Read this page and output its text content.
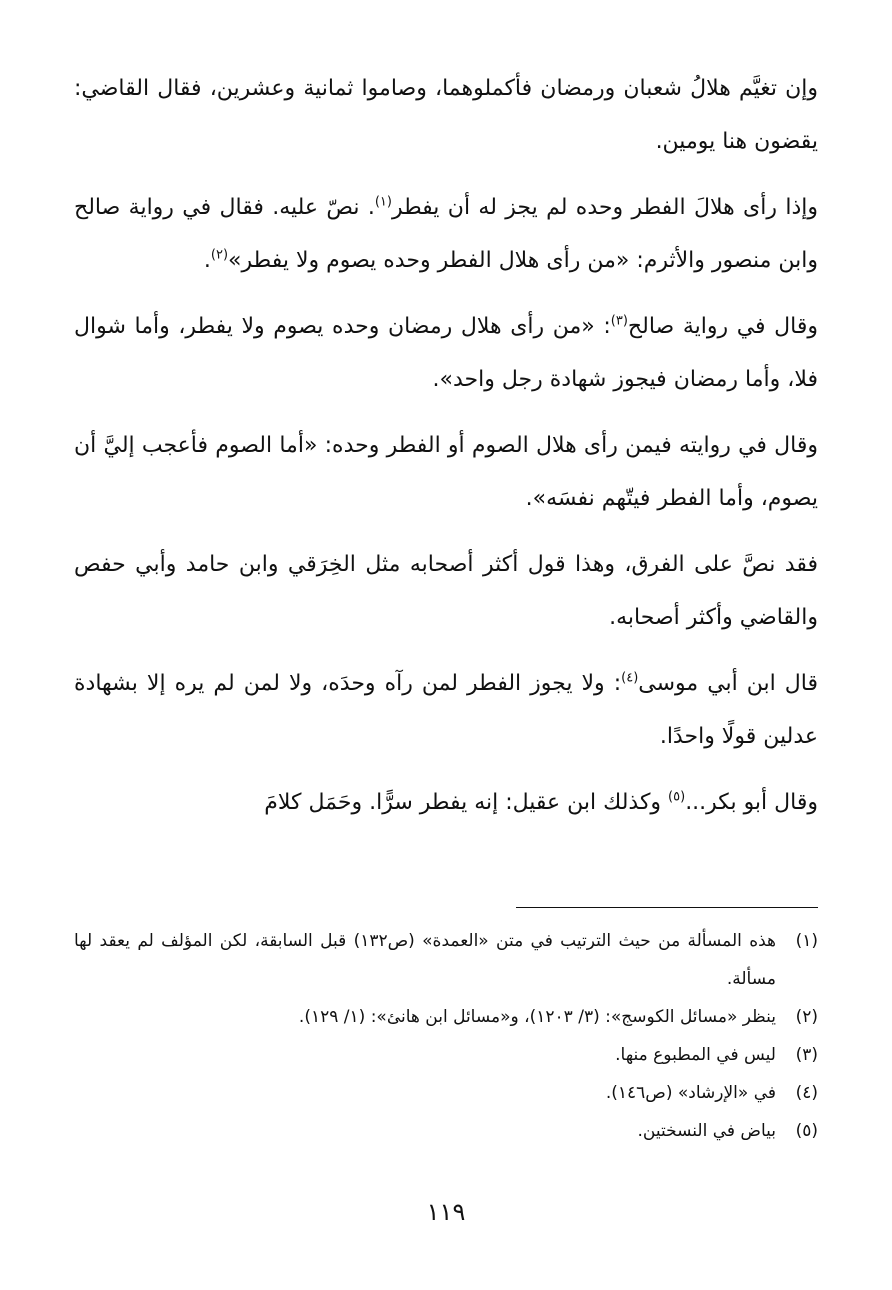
وإن تغيَّم هلالُ شعبان ورمضان فأكملوهما، وصاموا ثمانية وعشرين، فقال القاضي: يقضون هنا يومين.

وإذا رأى هلالَ الفطر وحده لم يجز له أن يفطر$^{(١)}$. نصّ عليه. فقال في رواية صالح وابن منصور والأثرم: «من رأى هلال الفطر وحده يصوم ولا يفطر»$^{(٢)}$.

وقال في رواية صالح$^{(٣)}$: «من رأى هلال رمضان وحده يصوم ولا يفطر، وأما شوال فلا، وأما رمضان فيجوز شهادة رجل واحد».

وقال في روايته فيمن رأى هلال الصوم أو الفطر وحده: «أما الصوم فأعجب إليَّ أن يصوم، وأما الفطر فيتّهم نفسَه».

فقد نصَّ على الفرق، وهذا قول أكثر أصحابه مثل الخِرَقي وابن حامد وأبي حفص والقاضي وأكثر أصحابه.

قال ابن أبي موسى$^{(٤)}$: ولا يجوز الفطر لمن رآه وحدَه، ولا لمن لم يره إلا بشهادة عدلين قولًا واحدًا.

وقال أبو بكر...$^{(٥)}$ وكذلك ابن عقيل: إنه يفطر سرًّا. وحَمَل كلامَ

(١)
هذه المسألة من حيث الترتيب في متن «العمدة» (ص١٣٢) قبل السابقة، لكن المؤلف لم يعقد لها مسألة.
(٢)
ينظر «مسائل الكوسج»: (٣/ ١٢٠٣)، و«مسائل ابن هانئ»: (١/ ١٢٩).
(٣)
ليس في المطبوع منها.
(٤)
في «الإرشاد» (ص١٤٦).
(٥)
بياض في النسختين.
١١٩
